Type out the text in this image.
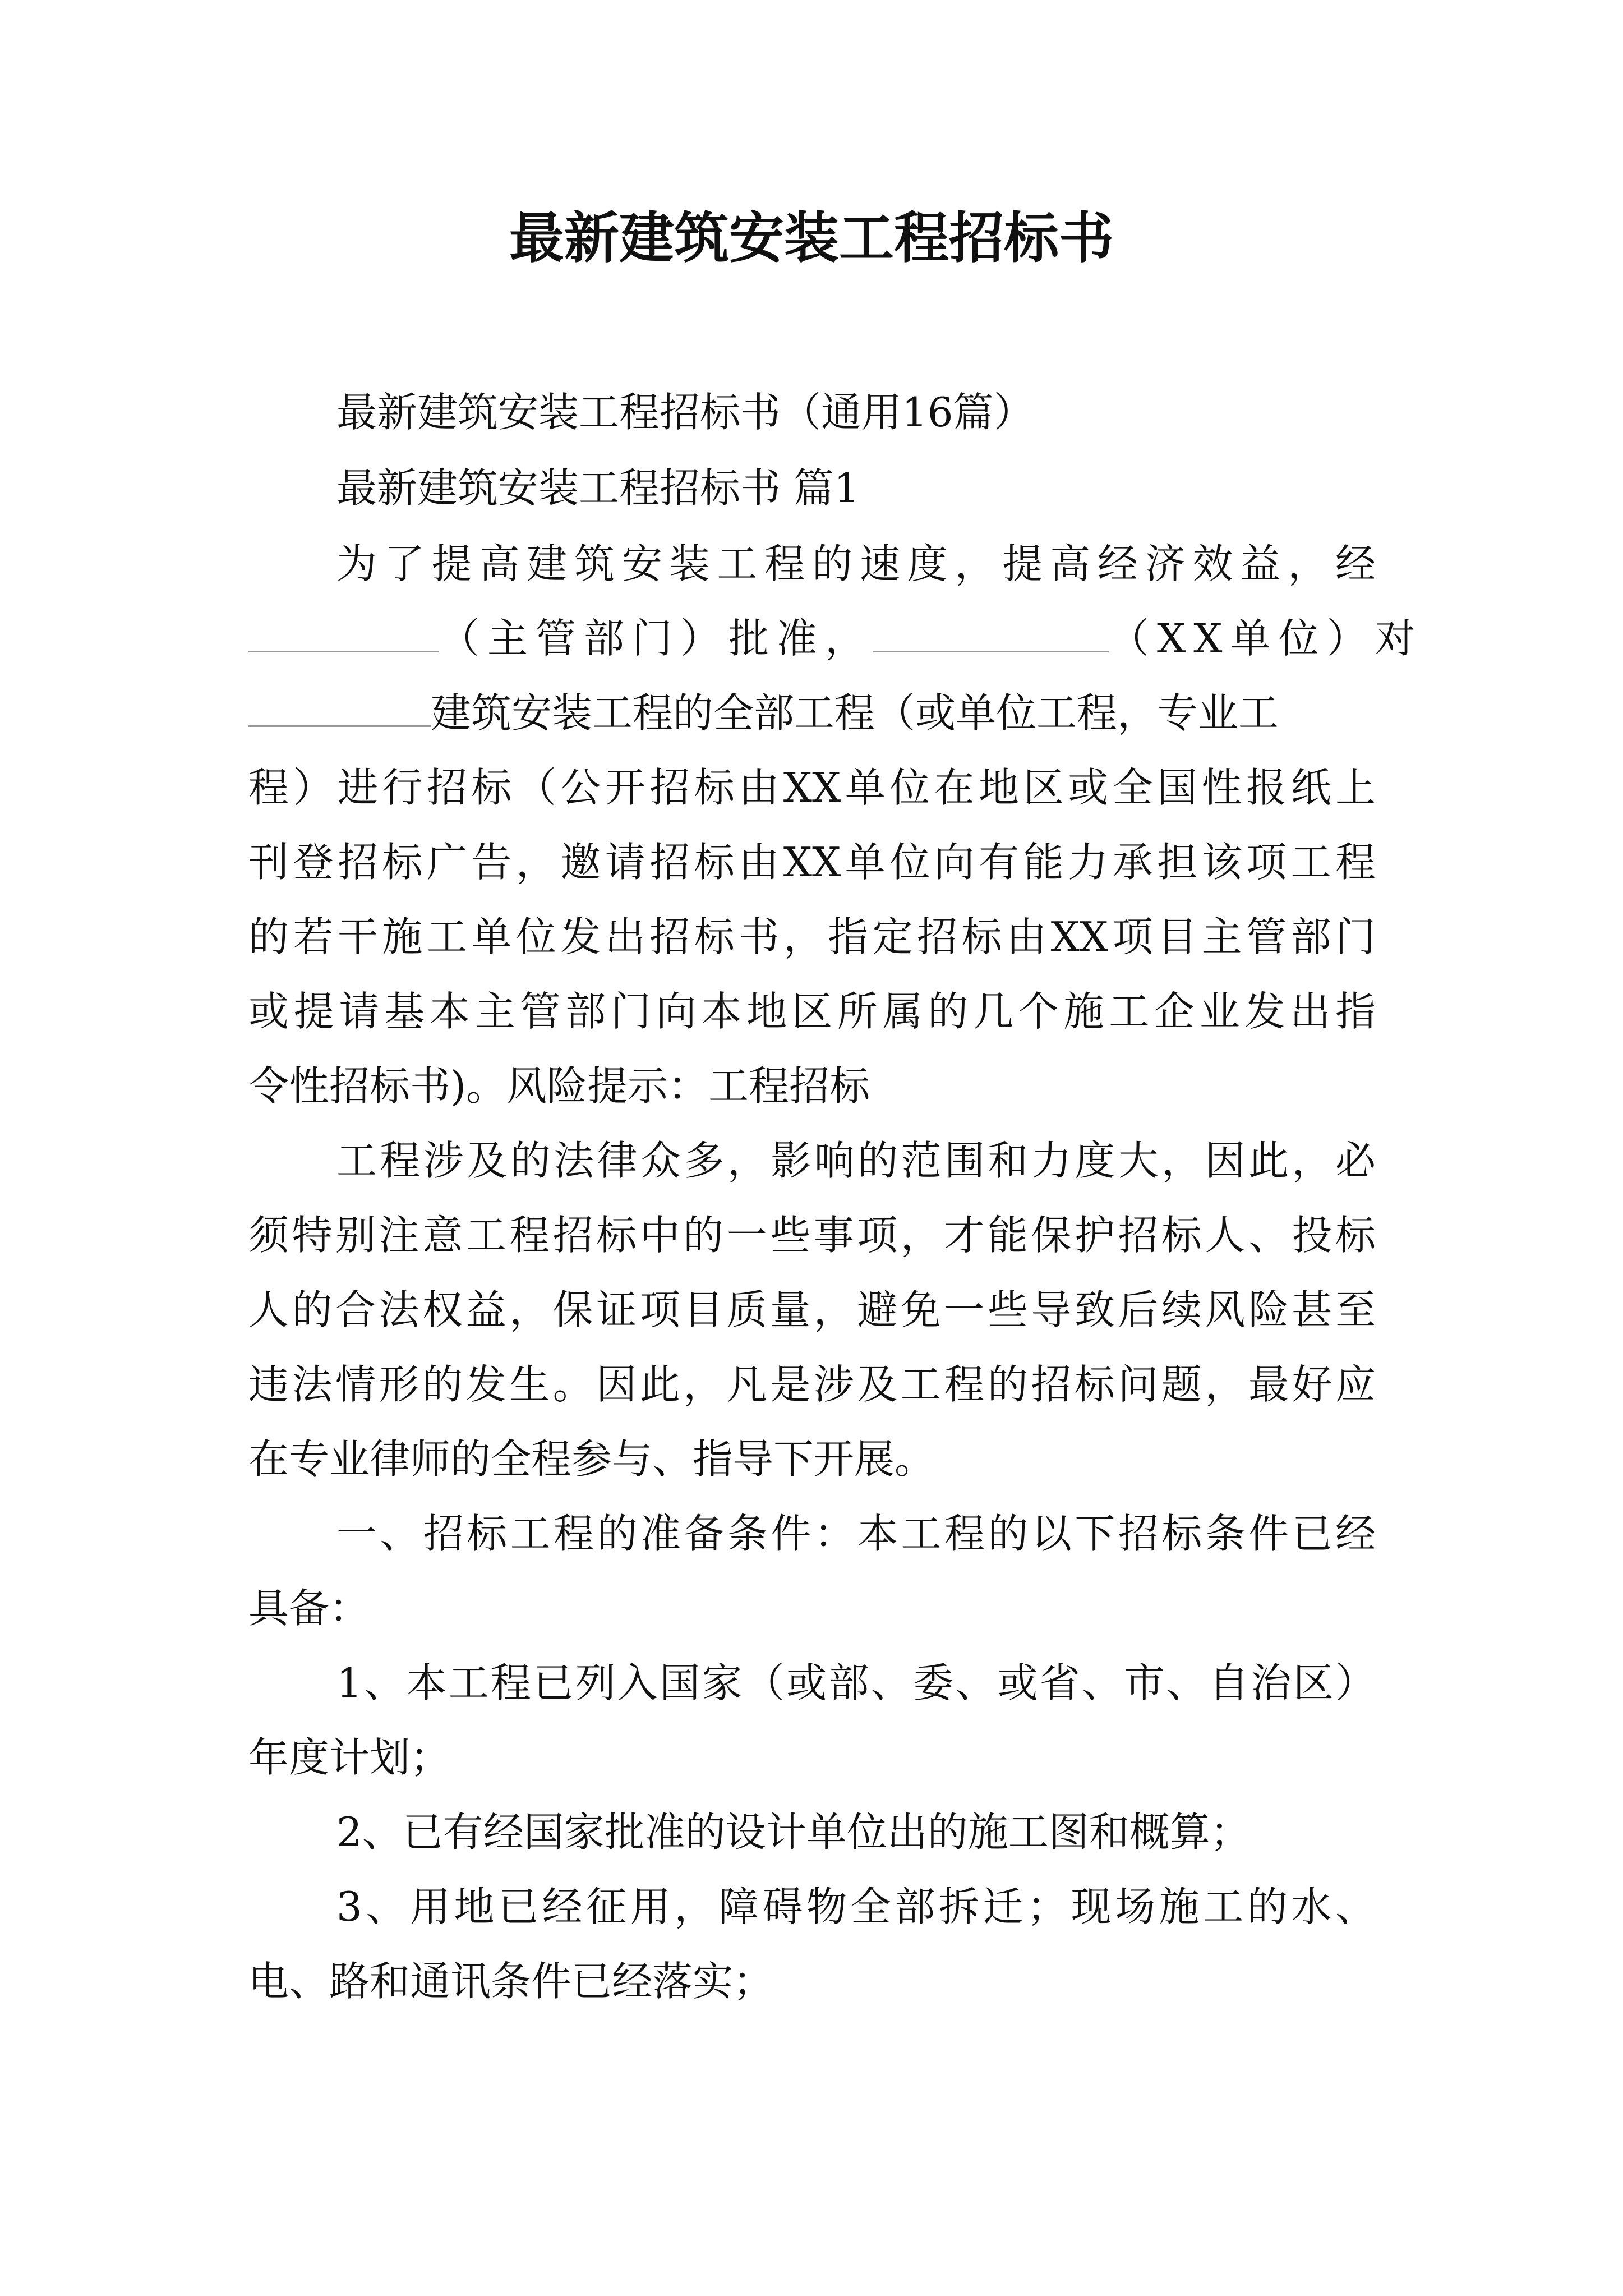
最新建筑安装工程招标书
最新建筑安装工程招标书（通用16篇）
最新建筑安装工程招标书 篇1
为了提高建筑安装工程的速度，提高经济效益，经
（主管部门）批准，	（XX单位）对
建筑安装工程的全部工程（或单位工程，专业工
程）进行招标（公开招标由XX单位在地区或全国性报纸上
刊登招标广告，邀请招标由XX单位向有能力承担该项工程
的若干施工单位发出招标书，指定招标由XX项目主管部门
或提请基本主管部门向本地区所属的几个施工企业发出指
令性招标书)。风险提示：工程招标
工程涉及的法律众多，影响的范围和力度大，因此，必
须特别注意工程招标中的一些事项，才能保护招标人、投标
人的合法权益，保证项目质量，避免一些导致后续风险甚至
违法情形的发生。因此，凡是涉及工程的招标问题，最好应
在专业律师的全程参与、指导下开展。
一、招标工程的准备条件：本工程的以下招标条件已经
具备：
1、本工程已列入国家（或部、委、或省、市、自治区）
年度计划；
2、已有经国家批准的设计单位出的施工图和概算；
3、用地已经征用，障碍物全部拆迁；现场施工的水、
电、路和通讯条件已经落实；
